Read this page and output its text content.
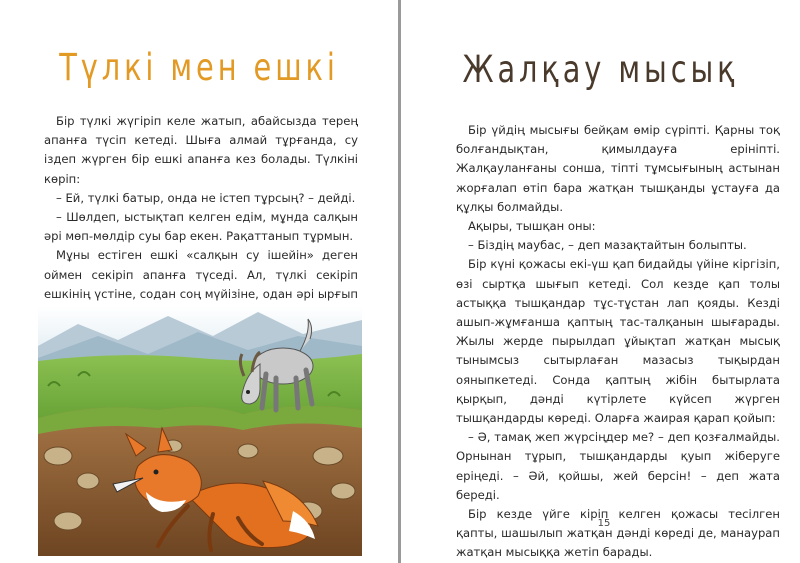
Түлкі мен ешкі

Бір түлкі жүгіріп келе жатып, абайсызда терең апанға түсіп кетеді. Шыға алмай тұрғанда, су іздеп жүрген бір ешкі апанға кез болады. Түлкіні көріп:

– Ей, түлкі батыр, онда не істеп тұрсың? – дейді.

– Шөлдеп, ыстықтап келген едім, мұнда салқын әрі мөп-мөлдір суы бар екен. Рақаттанып тұрмын.

Мұны естіген ешкі «салқын су ішейін» деген оймен секіріп апанға түседі. Ал, түлкі секіріп ешкінің үстіне, содан соң мүйізіне, одан әрі ырғып

Жалқау мысық

Бір үйдің мысығы бейқам өмір сүріпті. Қарны тоқ болғандықтан, қимылдауға ерініпті. Жалқауланғаны сонша, тіпті тұмсығының астынан жорғалап өтіп бара жатқан тышқанды ұстауға да құлқы болмайды.

Ақыры, тышқан оны:

– Біздің маубас, – деп мазақтайтын болыпты.

Бір күні қожасы екі-үш қап бидайды үйіне кіргізіп, өзі сыртқа шығып кетеді. Сол кезде қап толы астыққа тышқандар тұс-тұстан лап қояды. Кезді ашып-жұмғанша қаптың тас-талқанын шығарады. Жылы жерде пырылдап ұйықтап жатқан мысық тынымсыз сытырлаған мазасыз тықырдан ояныпкетеді. Сонда қаптың жібін бытырлата қырқып, дәнді күтірлете күйсеп жүрген тышқандарды көреді. Оларға жаирая қарап қойып:

– Ә, тамақ жеп жүрсіңдер ме? – деп қозғалмайды. Орнынан тұрып, тышқандарды қуып жіберуге еріңеді. – Әй, қойшы, жей берсін! – деп жата береді.

Бір кезде үйге кіріп келген қожасы тесілген қапты, шашылып жатқан дәнді көреді де, манаурап жатқан мысыққа жетіп барады.

15
